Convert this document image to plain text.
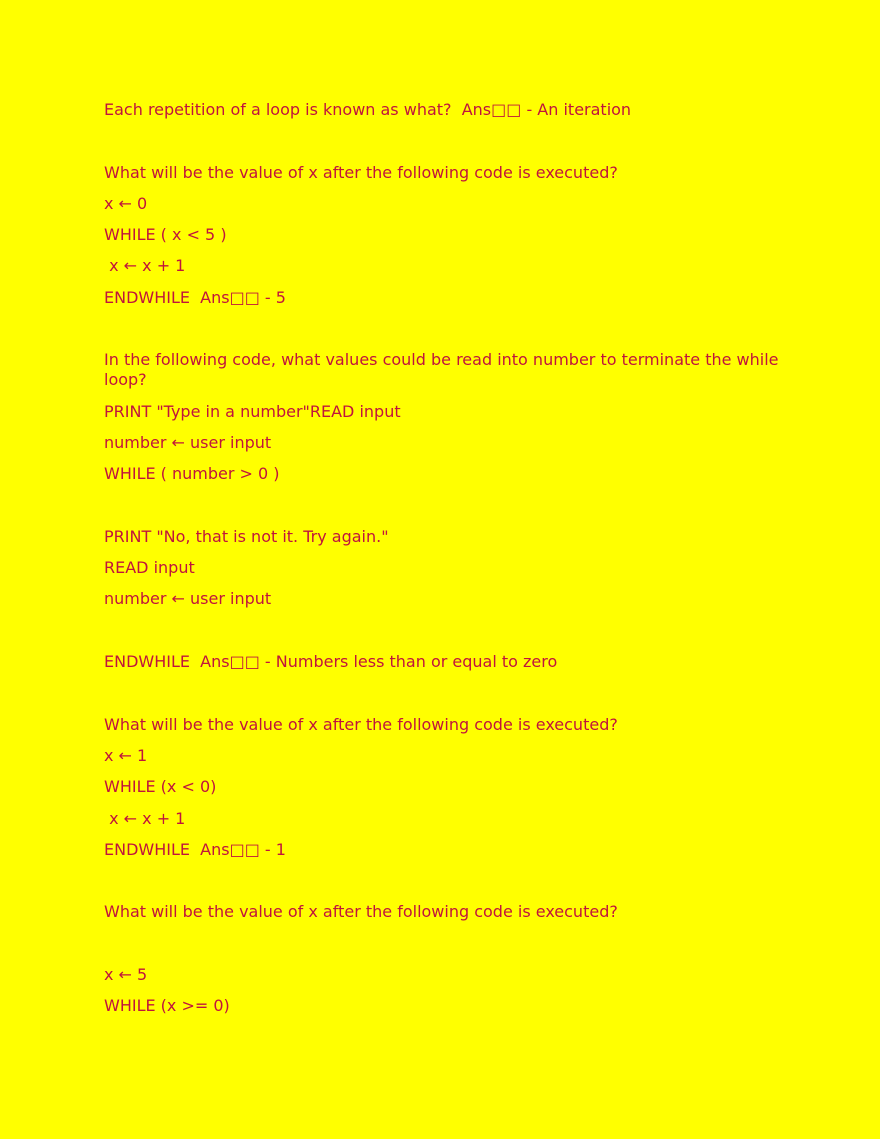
Each repetition of a loop is known as what?  Ans□□ - An iteration

What will be the value of x after the following code is executed?

x ← 0

WHILE ( x < 5 )

x ← x + 1

ENDWHILE  Ans□□ - 5

In the following code, what values could be read into number to terminate the while loop?

PRINT "Type in a number"READ input

number ← user input

WHILE ( number > 0 )

PRINT "No, that is not it. Try again."

READ input

number ← user input

ENDWHILE  Ans□□ - Numbers less than or equal to zero

What will be the value of x after the following code is executed?

x ← 1

WHILE (x < 0)

x ← x + 1

ENDWHILE  Ans□□ - 1

What will be the value of x after the following code is executed?

x ← 5

WHILE (x >= 0)
